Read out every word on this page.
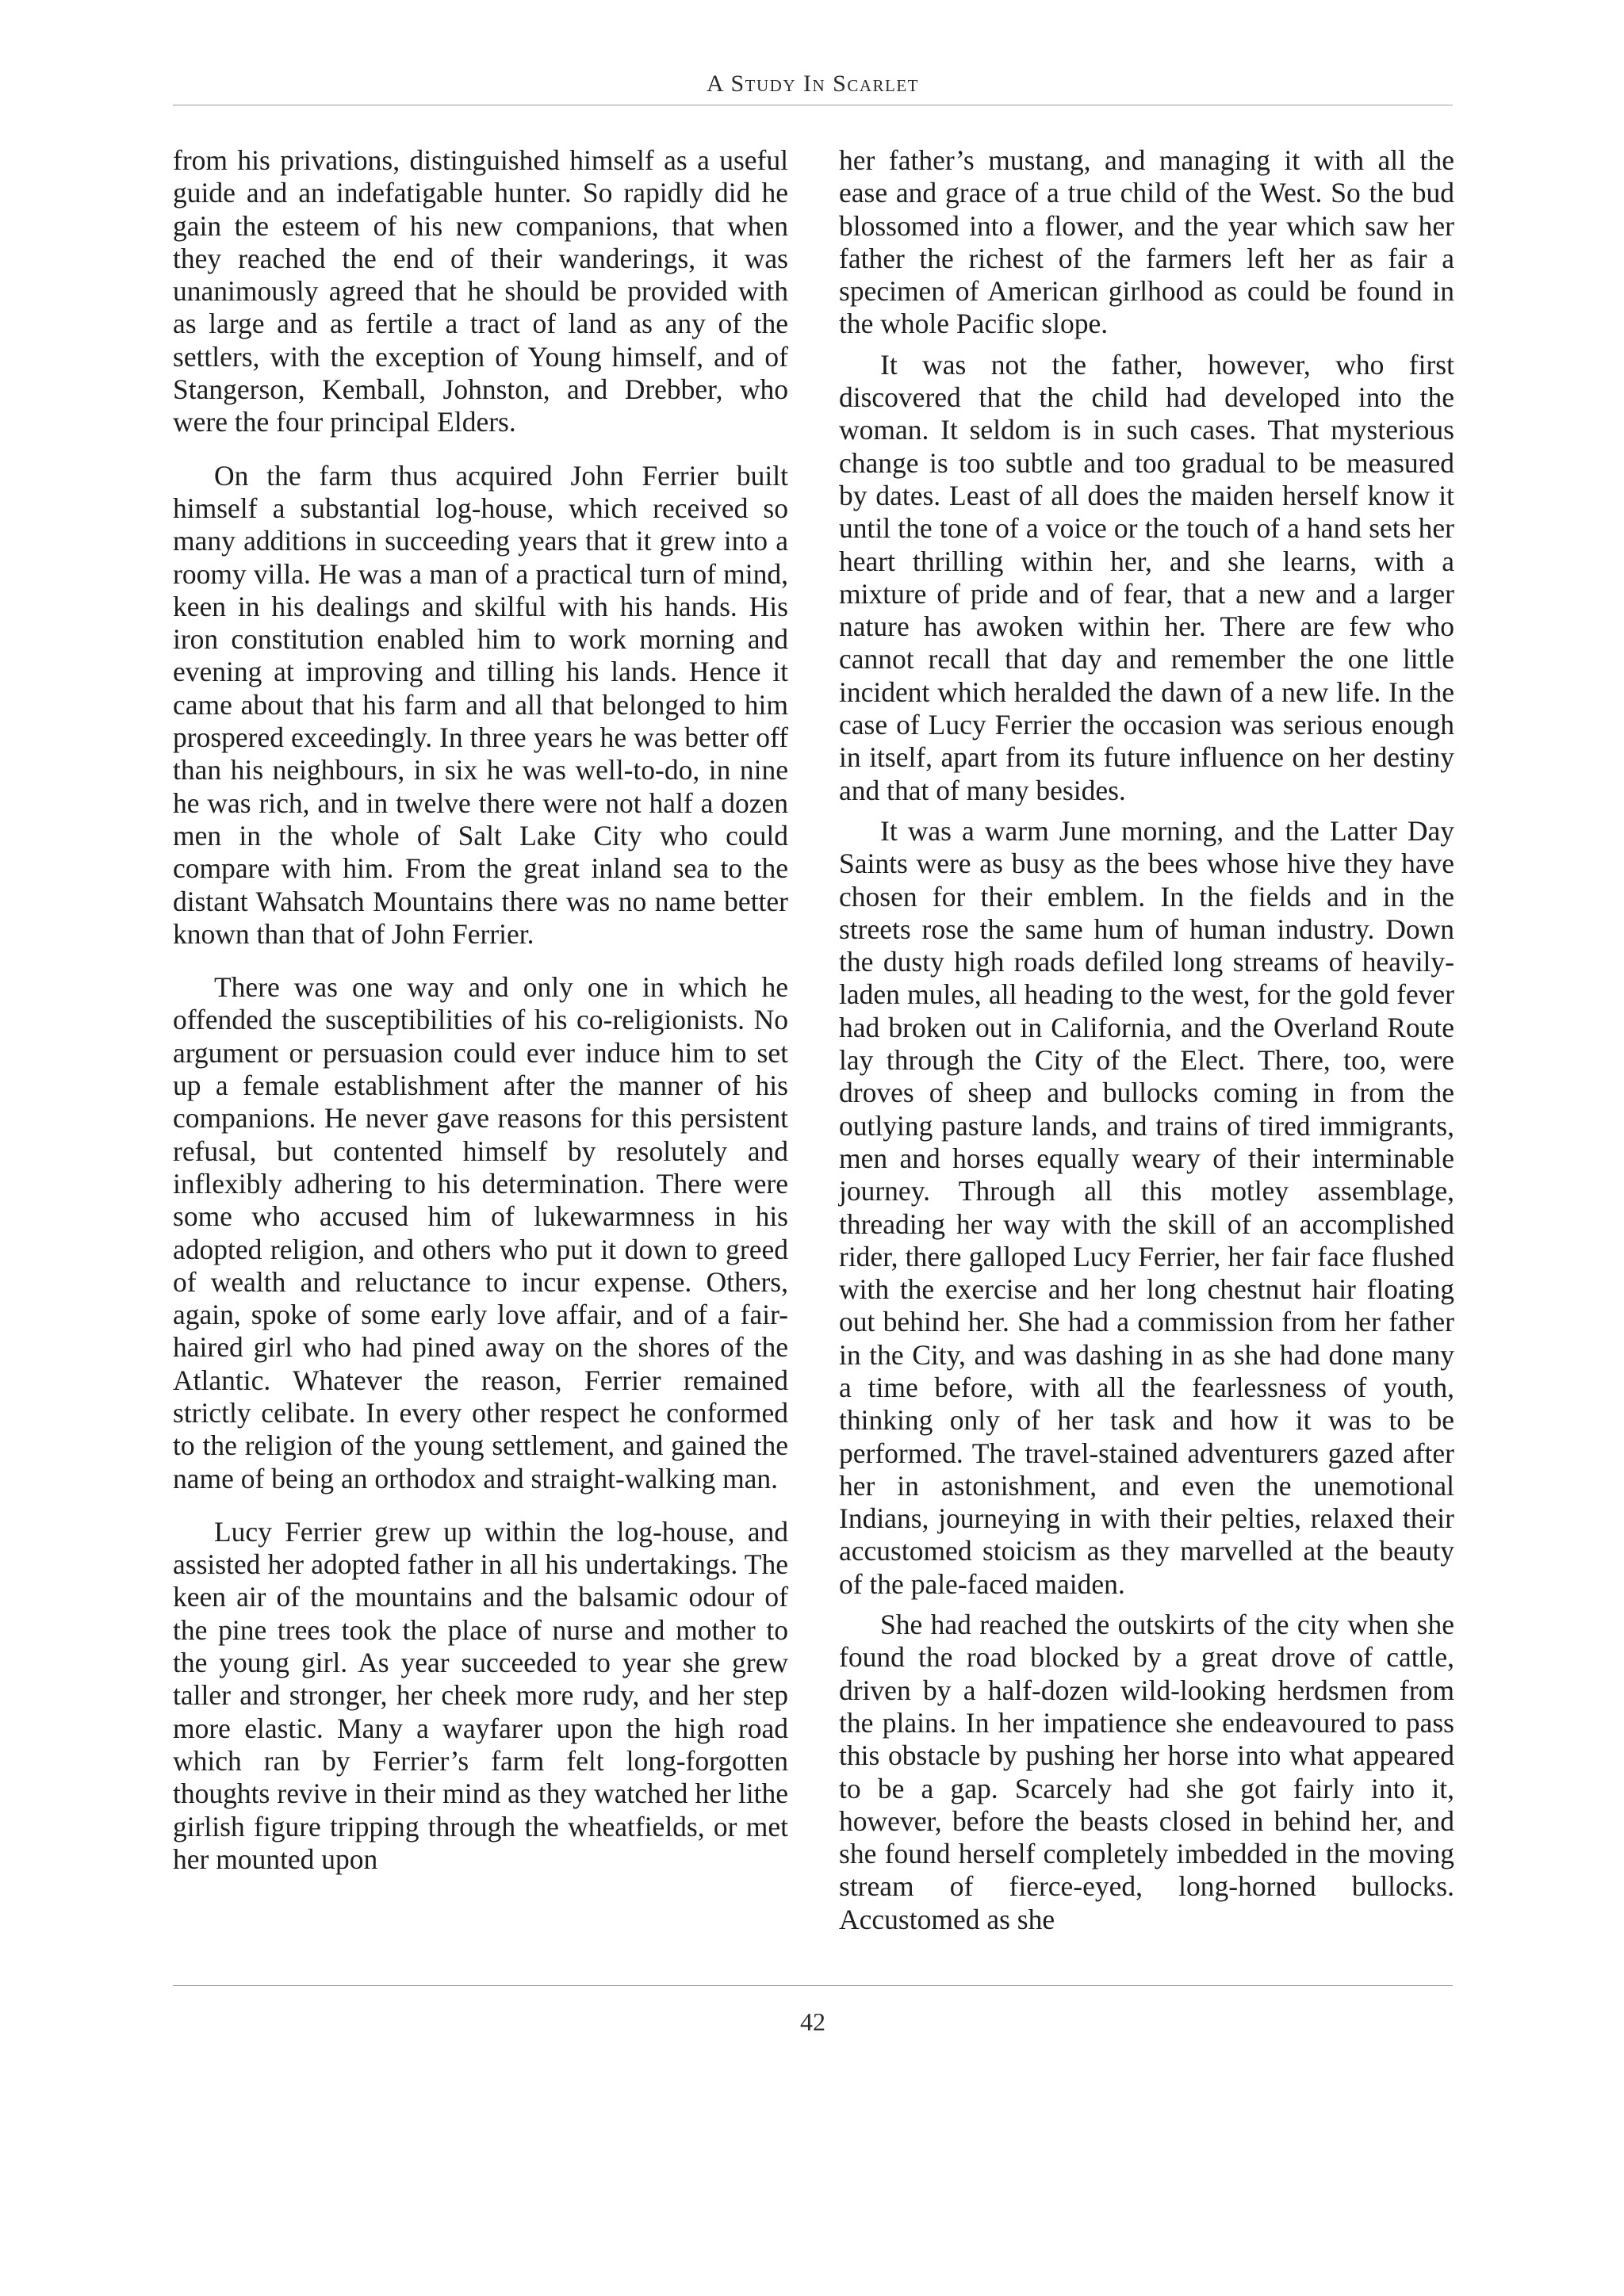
A Study In Scarlet

from his privations, distinguished himself as a useful guide and an indefatigable hunter. So rapidly did he gain the esteem of his new companions, that when they reached the end of their wanderings, it was unanimously agreed that he should be provided with as large and as fertile a tract of land as any of the settlers, with the exception of Young himself, and of Stangerson, Kemball, Johnston, and Drebber, who were the four principal Elders.

On the farm thus acquired John Ferrier built himself a substantial log-house, which received so many additions in succeeding years that it grew into a roomy villa. He was a man of a practical turn of mind, keen in his dealings and skilful with his hands. His iron constitution enabled him to work morning and evening at improving and tilling his lands. Hence it came about that his farm and all that belonged to him prospered exceedingly. In three years he was better off than his neighbours, in six he was well-to-do, in nine he was rich, and in twelve there were not half a dozen men in the whole of Salt Lake City who could compare with him. From the great inland sea to the distant Wahsatch Mountains there was no name better known than that of John Ferrier.

There was one way and only one in which he offended the susceptibilities of his co-religionists. No argument or persuasion could ever induce him to set up a female establishment after the manner of his companions. He never gave reasons for this persistent refusal, but contented himself by resolutely and inflexibly adhering to his determination. There were some who accused him of lukewarmness in his adopted religion, and others who put it down to greed of wealth and reluctance to incur expense. Others, again, spoke of some early love affair, and of a fair-haired girl who had pined away on the shores of the Atlantic. Whatever the reason, Ferrier remained strictly celibate. In every other respect he conformed to the religion of the young settlement, and gained the name of being an orthodox and straight-walking man.

Lucy Ferrier grew up within the log-house, and assisted her adopted father in all his undertakings. The keen air of the mountains and the balsamic odour of the pine trees took the place of nurse and mother to the young girl. As year succeeded to year she grew taller and stronger, her cheek more rudy, and her step more elastic. Many a wayfarer upon the high road which ran by Ferrier’s farm felt long-forgotten thoughts revive in their mind as they watched her lithe girlish figure tripping through the wheatfields, or met her mounted upon

her father’s mustang, and managing it with all the ease and grace of a true child of the West. So the bud blossomed into a flower, and the year which saw her father the richest of the farmers left her as fair a specimen of American girlhood as could be found in the whole Pacific slope.

It was not the father, however, who first discovered that the child had developed into the woman. It seldom is in such cases. That mysterious change is too subtle and too gradual to be measured by dates. Least of all does the maiden herself know it until the tone of a voice or the touch of a hand sets her heart thrilling within her, and she learns, with a mixture of pride and of fear, that a new and a larger nature has awoken within her. There are few who cannot recall that day and remember the one little incident which heralded the dawn of a new life. In the case of Lucy Ferrier the occasion was serious enough in itself, apart from its future influence on her destiny and that of many besides.

It was a warm June morning, and the Latter Day Saints were as busy as the bees whose hive they have chosen for their emblem. In the fields and in the streets rose the same hum of human industry. Down the dusty high roads defiled long streams of heavily-laden mules, all heading to the west, for the gold fever had broken out in California, and the Overland Route lay through the City of the Elect. There, too, were droves of sheep and bullocks coming in from the outlying pasture lands, and trains of tired immigrants, men and horses equally weary of their interminable journey. Through all this motley assemblage, threading her way with the skill of an accomplished rider, there galloped Lucy Ferrier, her fair face flushed with the exercise and her long chestnut hair floating out behind her. She had a commission from her father in the City, and was dashing in as she had done many a time before, with all the fearlessness of youth, thinking only of her task and how it was to be performed. The travel-stained adventurers gazed after her in astonishment, and even the unemotional Indians, journeying in with their pelties, relaxed their accustomed stoicism as they marvelled at the beauty of the pale-faced maiden.

She had reached the outskirts of the city when she found the road blocked by a great drove of cattle, driven by a half-dozen wild-looking herdsmen from the plains. In her impatience she endeavoured to pass this obstacle by pushing her horse into what appeared to be a gap. Scarcely had she got fairly into it, however, before the beasts closed in behind her, and she found herself completely imbedded in the moving stream of fierce-eyed, long-horned bullocks. Accustomed as she

42
